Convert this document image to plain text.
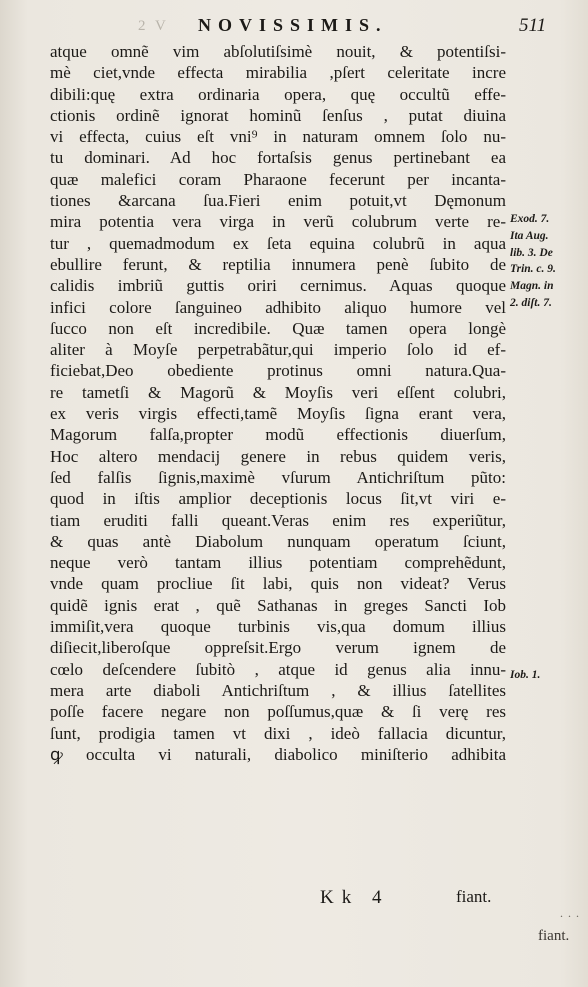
2 V NOVISSIMIS.	511
atque omnẽ vim abſolutiſsimè nouit, & potentiſsi-
mè ciet,vnde effecta mirabilia ,pſert celeritate incre
dibili:quę extra ordinaria opera, quę occultũ effe-
ctionis ordinẽ ignorat hominũ ſenſus , putat diuina
vi effecta, cuius eſt vni⁹ in naturam omnem ſolo nu-
tu dominari. Ad hoc fortaſsis genus pertinebant ea
quæ malefici coram Pharaone fecerunt per incanta-
tiones &arcana ſua.Fieri enim potuit,vt Dęmonum
mira potentia vera virga in verũ colubrum verte re-
tur , quemadmodum ex ſeta equina colubrũ in aqua
ebullire ferunt, & reptilia innumera penè ſubito de
calidis imbriũ guttis oriri cernimus. Aquas quoque
infici colore ſanguineo adhibito aliquo humore vel
ſucco non eſt incredibile. Quæ tamen opera longè
aliter à Moyſe perpetrabãtur,qui imperio ſolo id ef-
ficiebat,Deo obediente protinus omni natura.Qua-
re tametſi & Magorũ & Moyſis veri eſſent colubri,
ex veris virgis effecti,tamẽ Moyſis ſigna erant vera,
Magorum falſa,propter modũ effectionis diuerſum,
Hoc altero mendacij genere in rebus quidem veris,
ſed falſis ſignis,maximè vſurum Antichriſtum pũto:
quod in iſtis amplior deceptionis locus ſit,vt viri e-
tiam eruditi falli queant.Veras enim res experiũtur,
& quas antè Diabolum nunquam operatum ſciunt,
neque verò tantam illius potentiam comprehẽdunt,
vnde quam procliue ſit labi, quis non videat? Verus
quidẽ ignis erat , quẽ Sathanas in greges Sancti Iob
immiſit,vera quoque turbinis vis,qua domum illius
diſiecit,liberoſque oppreſsit.Ergo verum ignem de
cœlo deſcendere ſubitò , atque id genus alia innu-
mera arte diaboli Antichriſtum , & illius ſatellites
poſſe facere negare non poſſumus,quæ & ſi verę res
ſunt, prodigia tamen vt dixi , ideò fallacia dicuntur,
ꝙ occulta vi naturali, diabolico miniſterio adhibita
Exod. 7.
Ita Aug.
lib. 3. De
Trin. c. 9.
Magn. in
2. diſt. 7.
Iob. 1.
Kk 4	fiant.
. . .
fiant.
